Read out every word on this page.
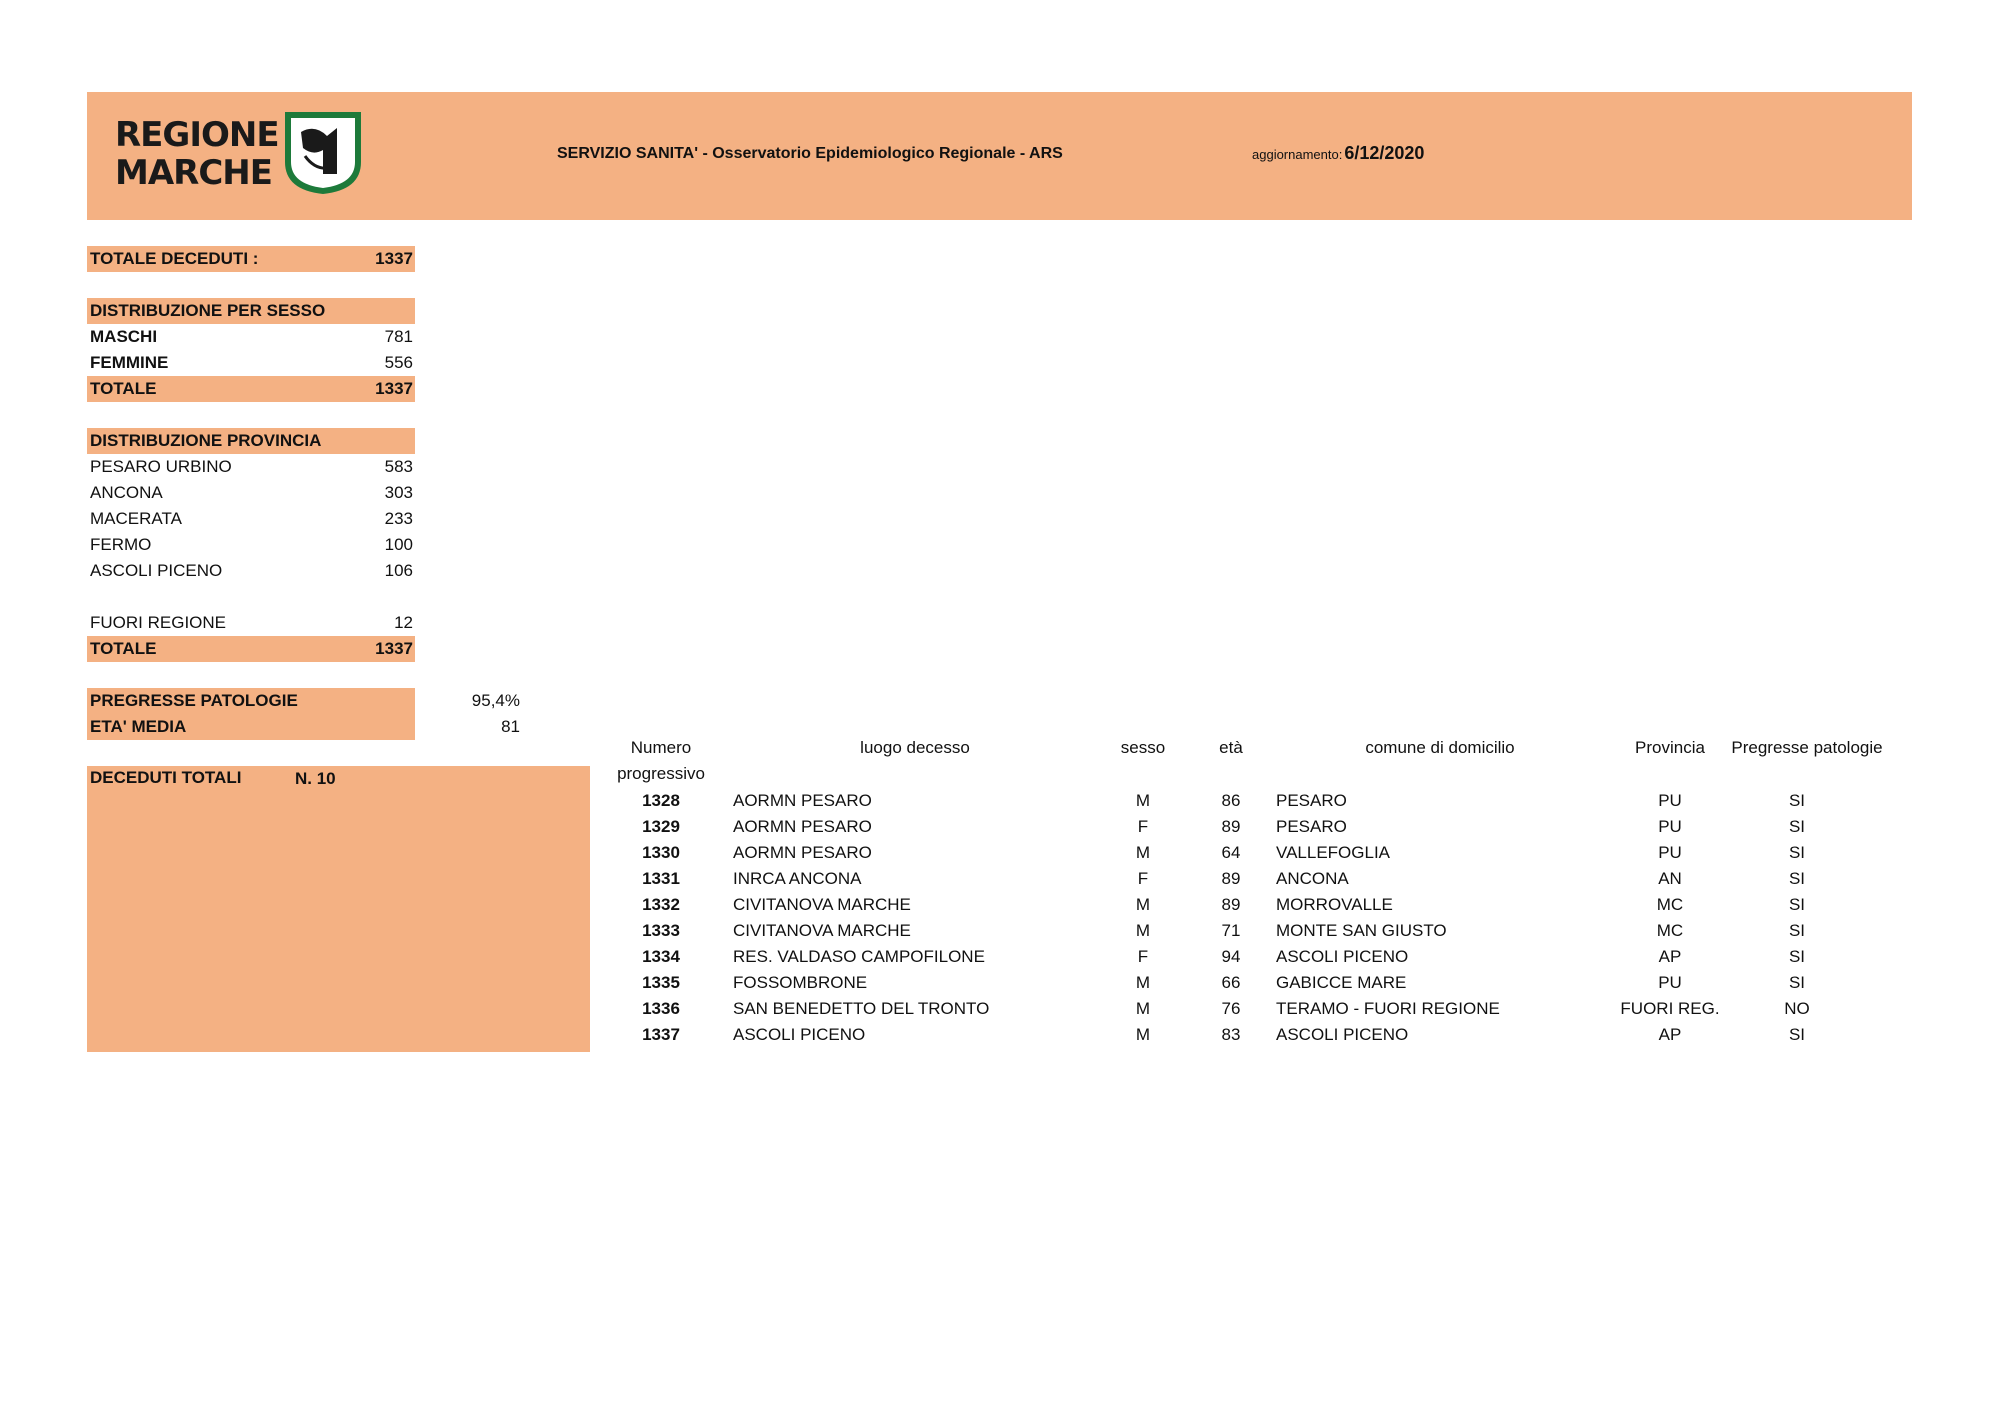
REGIONE
MARCHE	SERVIZIO SANITA' - Osservatorio Epidemiologico Regionale - ARS	aggiornamento: 6/12/2020
TOTALE DECEDUTI :	1337
DISTRIBUZIONE PER SESSO
MASCHI	781
FEMMINE	556
TOTALE	1337
DISTRIBUZIONE PROVINCIA
PESARO URBINO	583
ANCONA	303
MACERATA	233
FERMO	100
ASCOLI PICENO	106
FUORI REGIONE	12
TOTALE	1337
PREGRESSE PATOLOGIE	95,4%
ETA' MEDIA	81
DECEDUTI TOTALI	N. 10
Numero
progressivo
luogo decesso	sesso	età	comune di domicilio	Provincia	Pregresse patologie
1328	AORMN PESARO	M	86	PESARO	PU	SI
1329	AORMN PESARO	F	89	PESARO	PU	SI
1330	AORMN PESARO	M	64	VALLEFOGLIA	PU	SI
1331	INRCA ANCONA	F	89	ANCONA	AN	SI
1332	CIVITANOVA MARCHE	M	89	MORROVALLE	MC	SI
1333	CIVITANOVA MARCHE	M	71	MONTE SAN GIUSTO	MC	SI
1334	RES. VALDASO CAMPOFILONE	F	94	ASCOLI PICENO	AP	SI
1335	FOSSOMBRONE	M	66	GABICCE MARE	PU	SI
1336	SAN BENEDETTO DEL TRONTO	M	76	TERAMO - FUORI REGIONE	FUORI REG.	NO
1337	ASCOLI PICENO	M	83	ASCOLI PICENO	AP	SI
